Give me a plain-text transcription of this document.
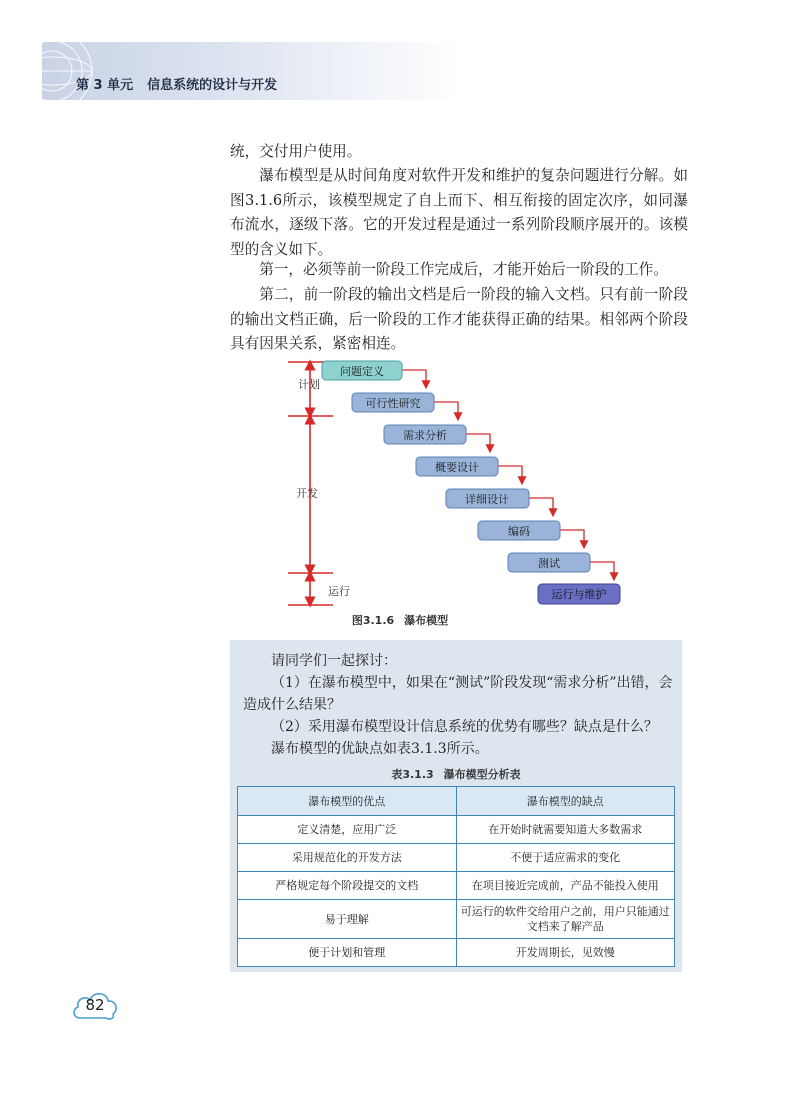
第 3 单元 信息系统的设计与开发

统，交付用户使用。

瀑布模型是从时间角度对软件开发和维护的复杂问题进行分解。如图3.1.6所示，该模型规定了自上而下、相互衔接的固定次序，如同瀑布流水，逐级下落。它的开发过程是通过一系列阶段顺序展开的。该模型的含义如下。

第一，必须等前一阶段工作完成后，才能开始后一阶段的工作。

第二，前一阶段的输出文档是后一阶段的输入文档。只有前一阶段的输出文档正确，后一阶段的工作才能获得正确的结果。相邻两个阶段具有因果关系，紧密相连。

计划
开发
运行
问题定义
可行性研究
需求分析
概要设计
详细设计
编码
测试
运行与维护
图3.1.6 瀑布模型

请同学们一起探讨：

（1）在瀑布模型中，如果在“测试”阶段发现“需求分析”出错，会造成什么结果？

（2）采用瀑布模型设计信息系统的优势有哪些？缺点是什么？

瀑布模型的优缺点如表3.1.3所示。

表3.1.3 瀑布模型分析表
瀑布模型的优点	瀑布模型的缺点
定义清楚，应用广泛	在开始时就需要知道大多数需求
采用规范化的开发方法	不便于适应需求的变化
严格规定每个阶段提交的文档	在项目接近完成前，产品不能投入使用
易于理解	可运行的软件交给用户之前，用户只能通过文档来了解产品
便于计划和管理	开发周期长，见效慢
82
